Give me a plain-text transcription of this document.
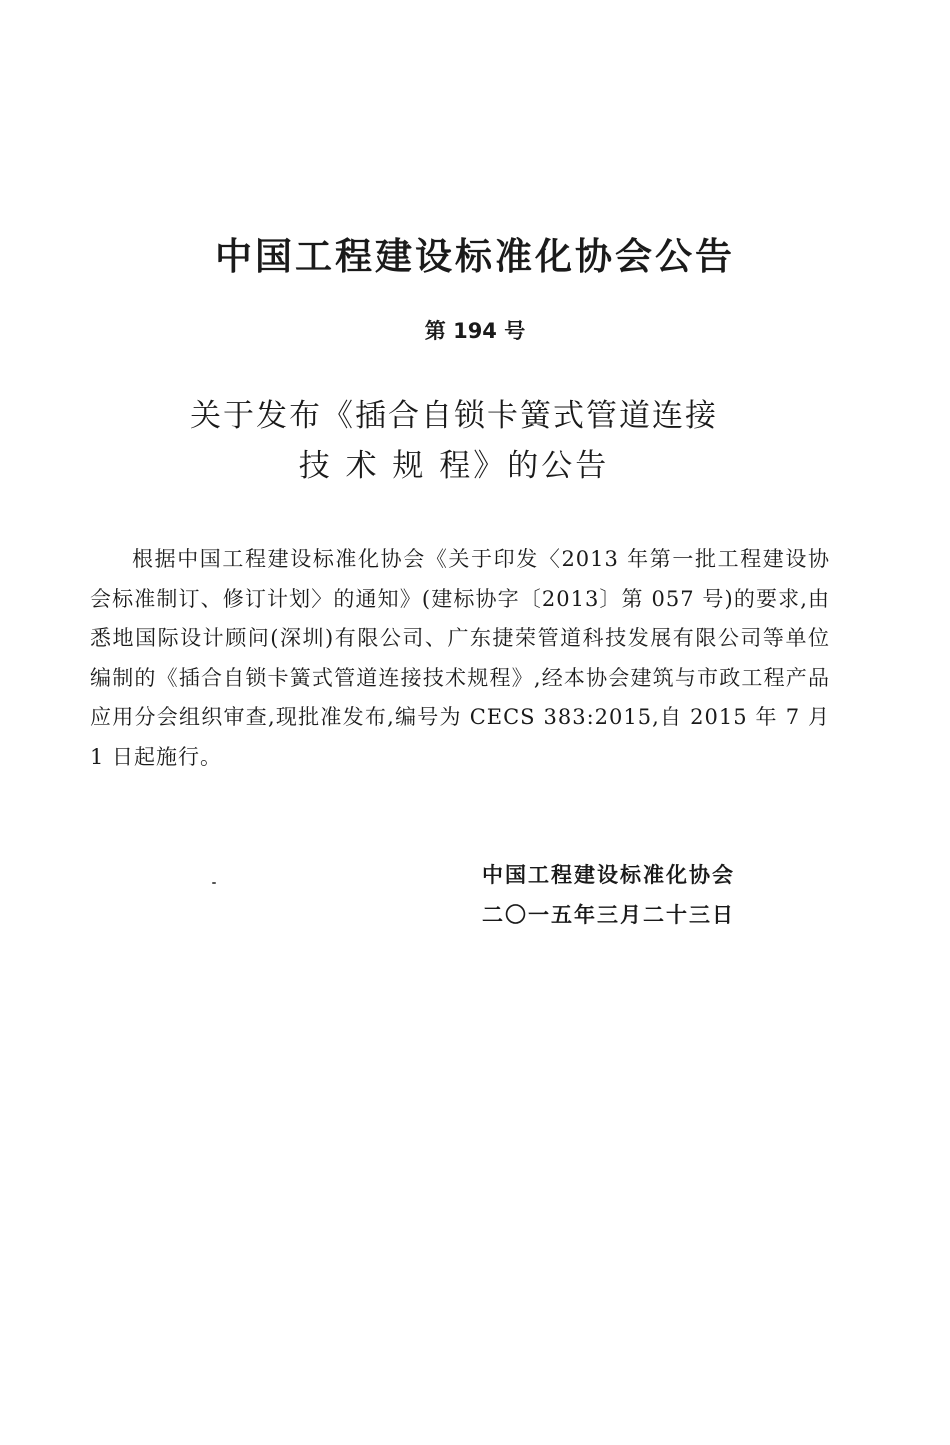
中国工程建设标准化协会公告
第 194 号
关于发布《插合自锁卡簧式管道连接
技 术 规 程》的公告

根据中国工程建设标准化协会《关于印发〈2013 年第一批工程建设协会标准制订、修订计划〉的通知》(建标协字〔2013〕第 057 号)的要求,由悉地国际设计顾问(深圳)有限公司、广东捷荣管道科技发展有限公司等单位编制的《插合自锁卡簧式管道连接技术规程》,经本协会建筑与市政工程产品应用分会组织审查,现批准发布,编号为 CECS 383:2015,自 2015 年 7 月 1 日起施行。

中国工程建设标准化协会
二〇一五年三月二十三日
